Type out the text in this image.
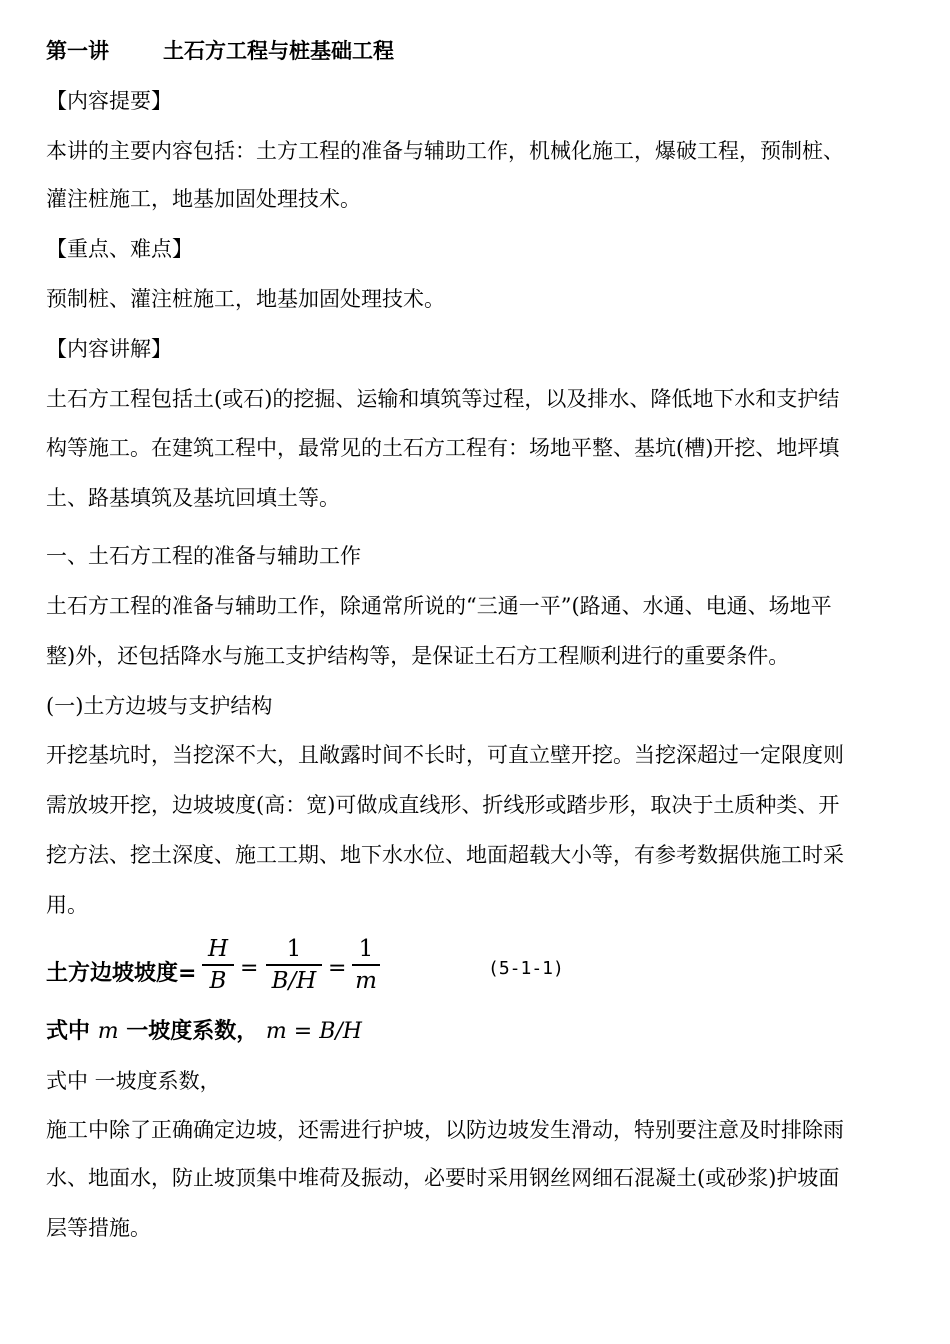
第一讲	土石方工程与桩基础工程
【内容提要】
本讲的主要内容包括：土方工程的准备与辅助工作，机械化施工，爆破工程，预制桩、
灌注桩施工，地基加固处理技术。
【重点、难点】
预制桩、灌注桩施工，地基加固处理技术。
【内容讲解】
土石方工程包括土(或石)的挖掘、运输和填筑等过程，以及排水、降低地下水和支护结
构等施工。在建筑工程中，最常见的土石方工程有：场地平整、基坑(槽)开挖、地坪填
土、路基填筑及基坑回填土等。
一、土石方工程的准备与辅助工作
土石方工程的准备与辅助工作，除通常所说的“三通一平”(路通、水通、电通、场地平
整)外，还包括降水与施工支护结构等，是保证土石方工程顺利进行的重要条件。
(一)土方边坡与支护结构
开挖基坑时，当挖深不大，且敞露时间不长时，可直立壁开挖。当挖深超过一定限度则
需放坡开挖，边坡坡度(高：宽)可做成直线形、折线形或踏步形，取决于土质种类、开
挖方法、挖土深度、施工工期、地下水水位、地面超载大小等，有参考数据供施工时采
用。
土方边坡坡度=
H
B =
1
B/H =
1
m	(5-1-1)
式中 m 一坡度系数， m = B/H
式中 一坡度系数，
施工中除了正确确定边坡，还需进行护坡，以防边坡发生滑动，特别要注意及时排除雨
水、地面水，防止坡顶集中堆荷及振动，必要时采用钢丝网细石混凝土(或砂浆)护坡面
层等措施。
